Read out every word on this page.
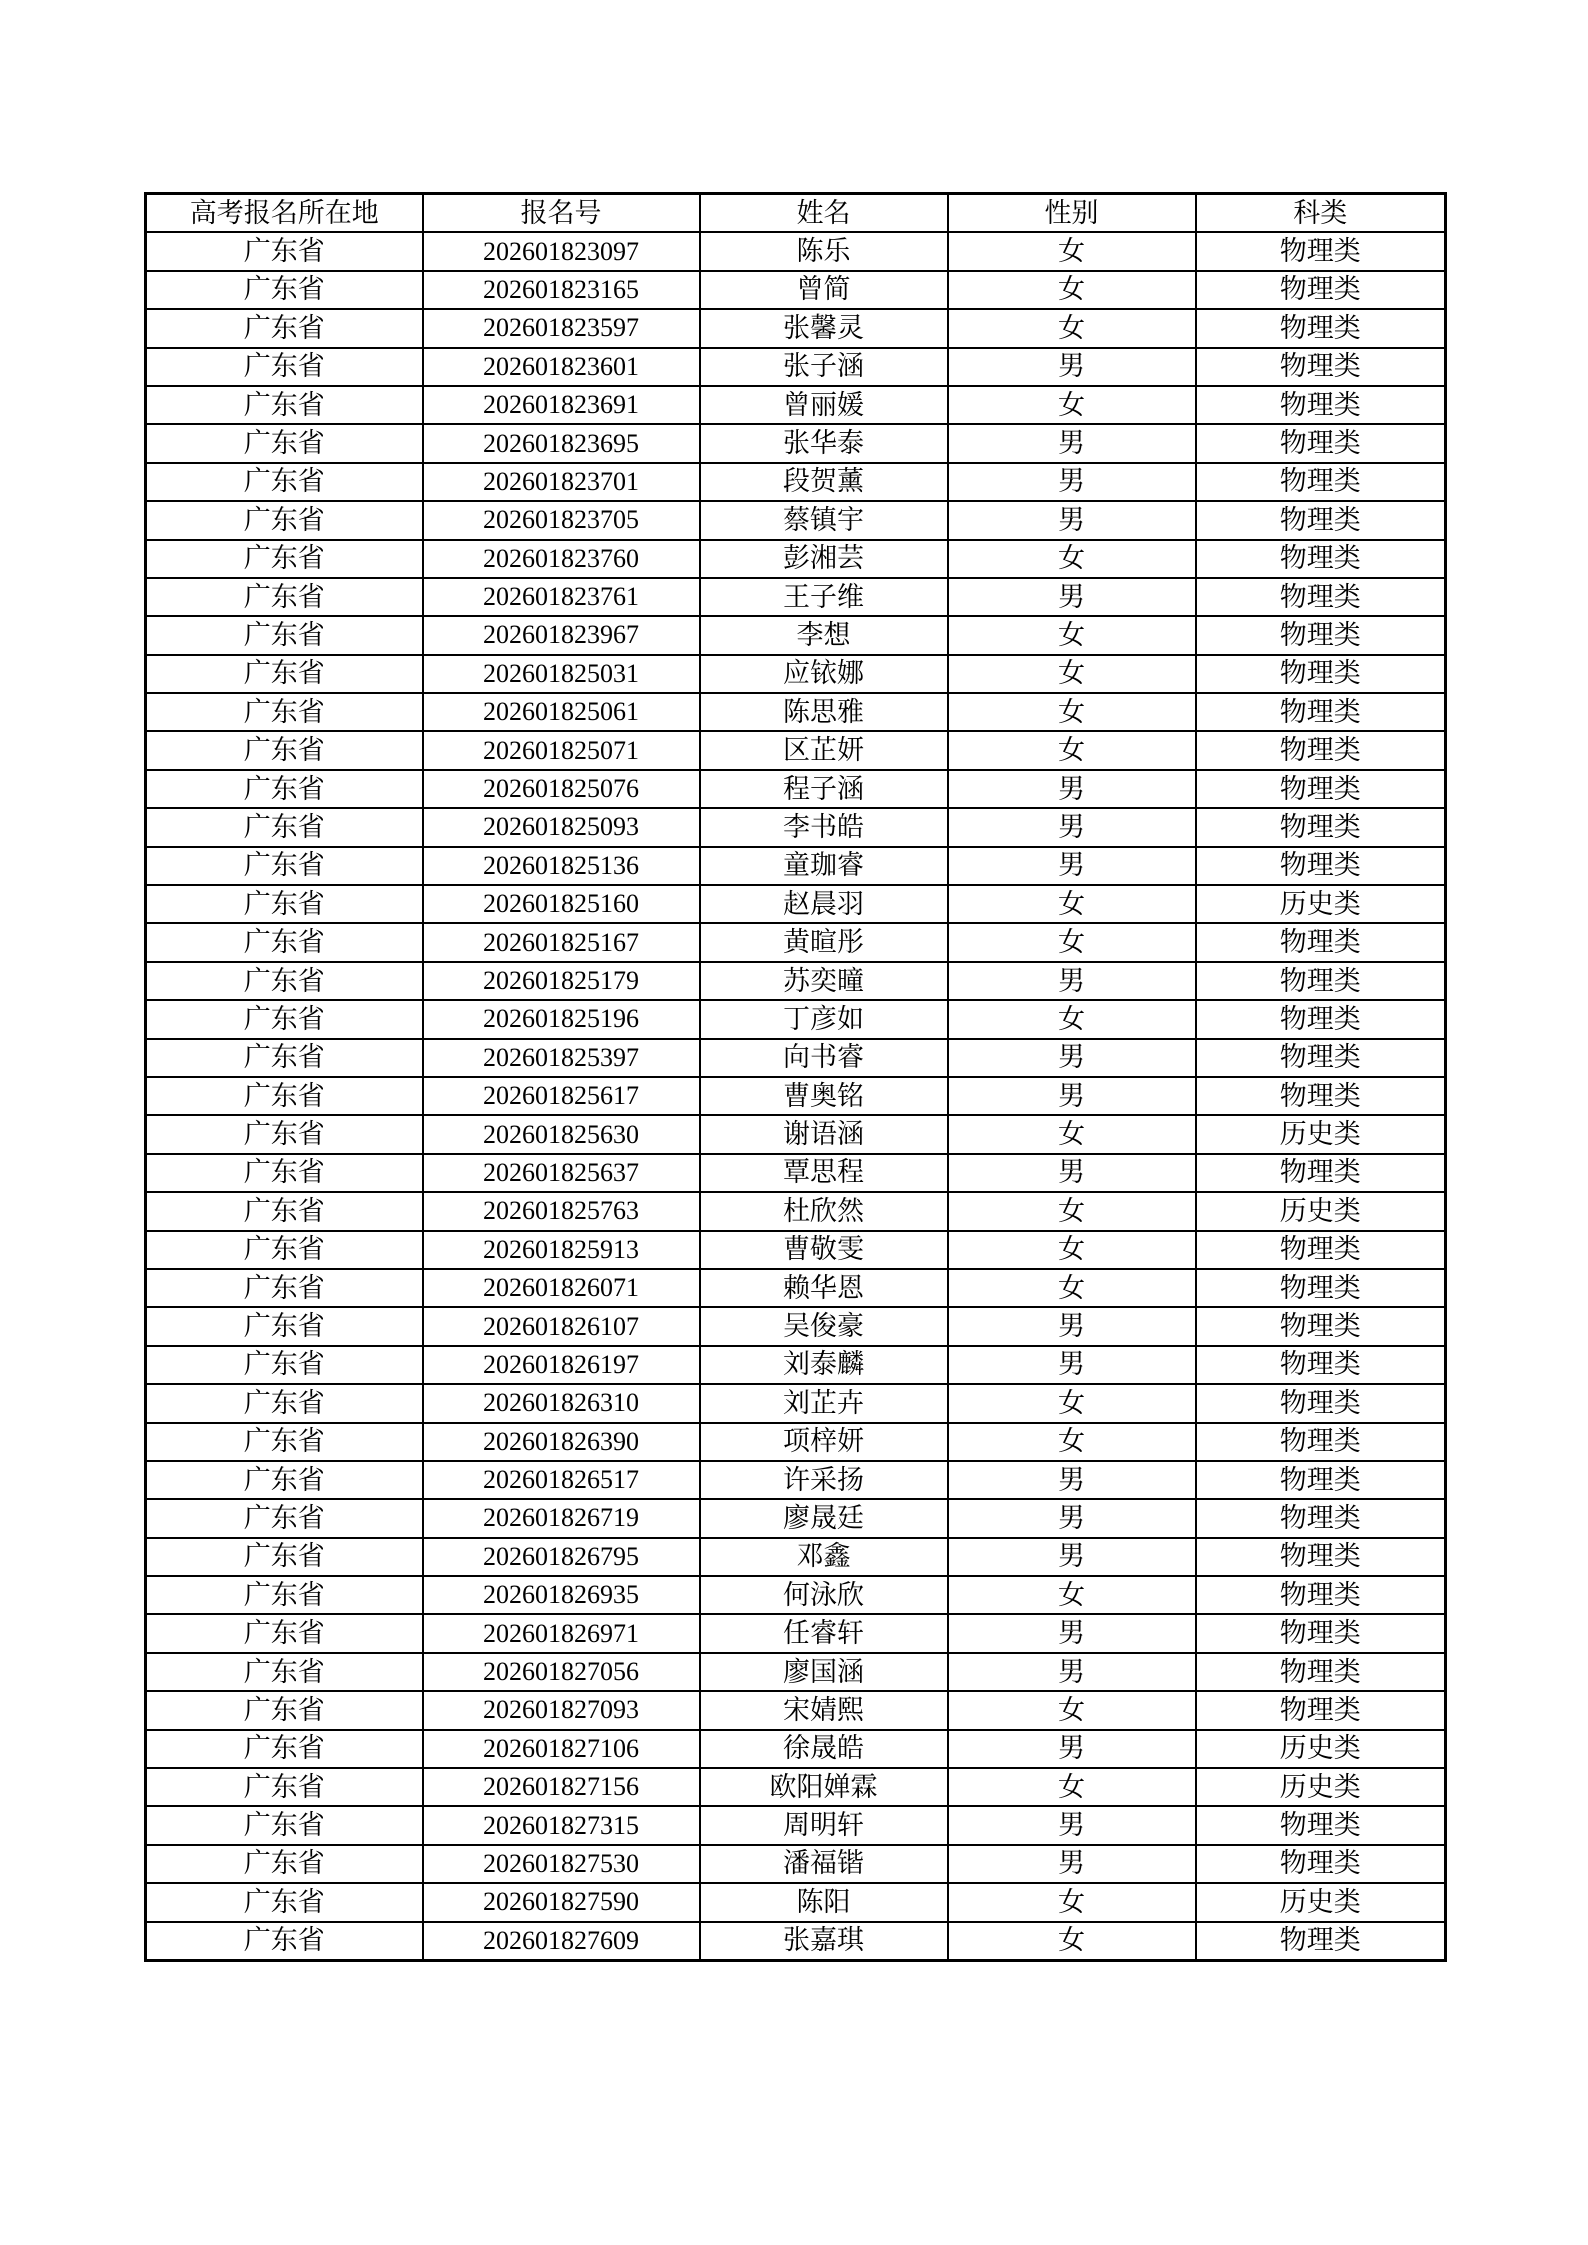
高考报名所在地	报名号	姓名	性别	科类
广东省	202601823097	陈乐	女	物理类
广东省	202601823165	曾简	女	物理类
广东省	202601823597	张馨灵	女	物理类
广东省	202601823601	张子涵	男	物理类
广东省	202601823691	曾丽媛	女	物理类
广东省	202601823695	张华泰	男	物理类
广东省	202601823701	段贺薰	男	物理类
广东省	202601823705	蔡镇宇	男	物理类
广东省	202601823760	彭湘芸	女	物理类
广东省	202601823761	王子维	男	物理类
广东省	202601823967	李想	女	物理类
广东省	202601825031	应铱娜	女	物理类
广东省	202601825061	陈思雅	女	物理类
广东省	202601825071	区芷妍	女	物理类
广东省	202601825076	程子涵	男	物理类
广东省	202601825093	李书皓	男	物理类
广东省	202601825136	童珈睿	男	物理类
广东省	202601825160	赵晨羽	女	历史类
广东省	202601825167	黄暄彤	女	物理类
广东省	202601825179	苏奕曈	男	物理类
广东省	202601825196	丁彦如	女	物理类
广东省	202601825397	向书睿	男	物理类
广东省	202601825617	曹奥铭	男	物理类
广东省	202601825630	谢语涵	女	历史类
广东省	202601825637	覃思程	男	物理类
广东省	202601825763	杜欣然	女	历史类
广东省	202601825913	曹敬雯	女	物理类
广东省	202601826071	赖华恩	女	物理类
广东省	202601826107	吴俊豪	男	物理类
广东省	202601826197	刘泰麟	男	物理类
广东省	202601826310	刘芷卉	女	物理类
广东省	202601826390	项梓妍	女	物理类
广东省	202601826517	许采扬	男	物理类
广东省	202601826719	廖晟廷	男	物理类
广东省	202601826795	邓鑫	男	物理类
广东省	202601826935	何泳欣	女	物理类
广东省	202601826971	任睿轩	男	物理类
广东省	202601827056	廖国涵	男	物理类
广东省	202601827093	宋婧熙	女	物理类
广东省	202601827106	徐晟皓	男	历史类
广东省	202601827156	欧阳婵霖	女	历史类
广东省	202601827315	周明轩	男	物理类
广东省	202601827530	潘福锴	男	物理类
广东省	202601827590	陈阳	女	历史类
广东省	202601827609	张嘉琪	女	物理类
